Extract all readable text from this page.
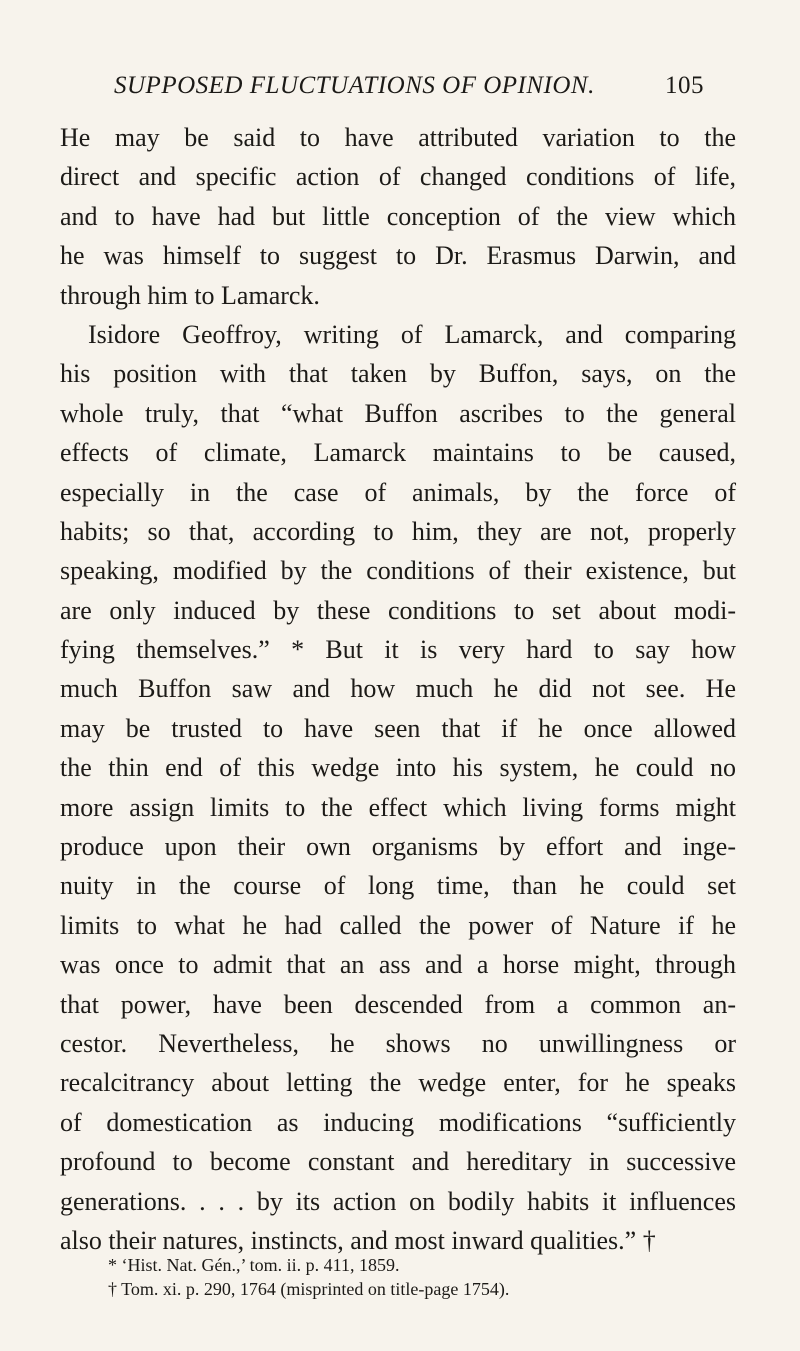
SUPPOSED FLUCTUATIONS OF OPINION.	105
He may be said to have attributed variation to the
direct and specific action of changed conditions of life,
and to have had but little conception of the view which
he was himself to suggest to Dr. Erasmus Darwin, and
through him to Lamarck.
Isidore Geoffroy, writing of Lamarck, and comparing
his position with that taken by Buffon, says, on the
whole truly, that “what Buffon ascribes to the general
effects of climate, Lamarck maintains to be caused,
especially in the case of animals, by the force of
habits; so that, according to him, they are not, properly
speaking, modified by the conditions of their existence, but
are only induced by these conditions to set about modi-
fying themselves.” * But it is very hard to say how
much Buffon saw and how much he did not see. He
may be trusted to have seen that if he once allowed
the thin end of this wedge into his system, he could no
more assign limits to the effect which living forms might
produce upon their own organisms by effort and inge-
nuity in the course of long time, than he could set
limits to what he had called the power of Nature if he
was once to admit that an ass and a horse might, through
that power, have been descended from a common an-
cestor. Nevertheless, he shows no unwillingness or
recalcitrancy about letting the wedge enter, for he speaks
of domestication as inducing modifications “sufficiently
profound to become constant and hereditary in successive
generations. . . . by its action on bodily habits it influences
also their natures, instincts, and most inward qualities.” †
* ‘Hist. Nat. Gén.,’ tom. ii. p. 411, 1859.
† Tom. xi. p. 290, 1764 (misprinted on title-page 1754).
